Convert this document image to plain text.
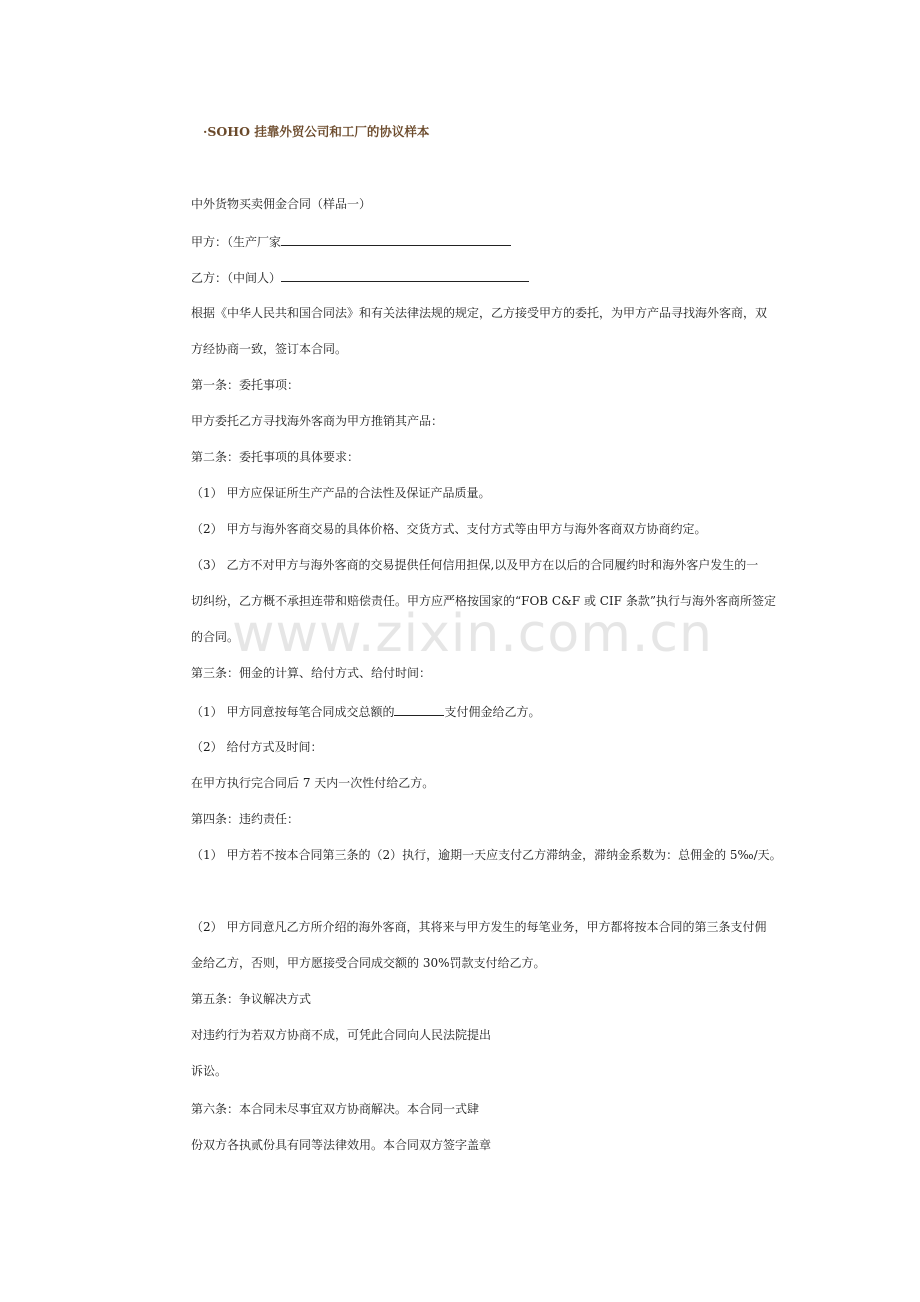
www.zixin.com.cn
·SOHO 挂靠外贸公司和工厂的协议样本
中外货物买卖佣金合同（样品一）
甲方：（生产厂家
乙方：（中间人）
根据《中华人民共和国合同法》和有关法律法规的规定，乙方接受甲方的委托，为甲方产品寻找海外客商，双
方经协商一致，签订本合同。
第一条：委托事项：
甲方委托乙方寻找海外客商为甲方推销其产品：
第二条：委托事项的具体要求：
（1） 甲方应保证所生产产品的合法性及保证产品质量。
（2） 甲方与海外客商交易的具体价格、交货方式、支付方式等由甲方与海外客商双方协商约定。
（3） 乙方不对甲方与海外客商的交易提供任何信用担保,以及甲方在以后的合同履约时和海外客户发生的一
切纠纷，乙方概不承担连带和赔偿责任。甲方应严格按国家的“FOB C&F 或 CIF 条款”执行与海外客商所签定
的合同。
第三条：佣金的计算、给付方式、给付时间：
（1） 甲方同意按每笔合同成交总额的	支付佣金给乙方。
（2） 给付方式及时间：
在甲方执行完合同后 7 天内一次性付给乙方。
第四条：违约责任：
（1） 甲方若不按本合同第三条的（2）执行，逾期一天应支付乙方滞纳金，滞纳金系数为：总佣金的 5‰/天。
（2） 甲方同意凡乙方所介绍的海外客商，其将来与甲方发生的每笔业务，甲方都将按本合同的第三条支付佣
金给乙方，否则，甲方愿接受合同成交额的 30%罚款支付给乙方。
第五条：争议解决方式
对违约行为若双方协商不成，可凭此合同向人民法院提出
诉讼。
第六条：本合同未尽事宜双方协商解决。本合同一式肆
份双方各执贰份具有同等法律效用。本合同双方签字盖章
